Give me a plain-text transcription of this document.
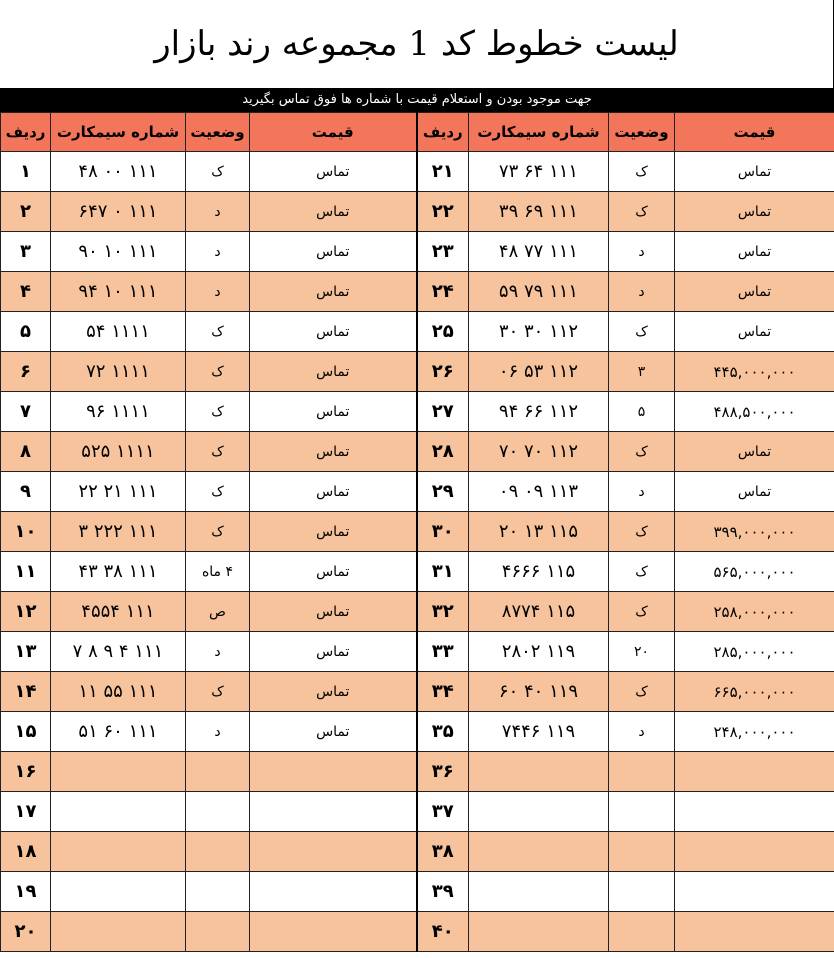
لیست خطوط کد 1 مجموعه رند بازار
جهت موجود بودن و استعلام قیمت با شماره ها فوق تماس بگیرید
ردیف	شماره سیمکارت	وضعیت	قیمت	ردیف	شماره سیمکارت	وضعیت	قیمت
۱	۱۱۱ ۰۰ ۴۸	ک	تماس	۲۱	۱۱۱ ۶۴ ۷۳	ک	تماس
۲	۱۱۱ ۰ ۶۴۷	د	تماس	۲۲	۱۱۱ ۶۹ ۳۹	ک	تماس
۳	۱۱۱ ۱۰ ۹۰	د	تماس	۲۳	۱۱۱ ۷۷ ۴۸	د	تماس
۴	۱۱۱ ۱۰ ۹۴	د	تماس	۲۴	۱۱۱ ۷۹ ۵۹	د	تماس
۵	۱۱۱۱ ۵۴	ک	تماس	۲۵	۱۱۲ ۳۰ ۳۰	ک	تماس
۶	۱۱۱۱ ۷۲	ک	تماس	۲۶	۱۱۲ ۵۳ ۰۶	۳	۴۴۵,۰۰۰,۰۰۰
۷	۱۱۱۱ ۹۶	ک	تماس	۲۷	۱۱۲ ۶۶ ۹۴	۵	۴۸۸,۵۰۰,۰۰۰
۸	۱۱۱۱ ۵۲۵	ک	تماس	۲۸	۱۱۲ ۷۰ ۷۰	ک	تماس
۹	۱۱۱ ۲۱ ۲۲	ک	تماس	۲۹	۱۱۳ ۰۹ ۰۹	د	تماس
۱۰	۱۱۱ ۲۲۲ ۳	ک	تماس	۳۰	۱۱۵ ۱۳ ۲۰	ک	۳۹۹,۰۰۰,۰۰۰
۱۱	۱۱۱ ۳۸ ۴۳	۴ ماه	تماس	۳۱	۱۱۵ ۴۶۶۶	ک	۵۶۵,۰۰۰,۰۰۰
۱۲	۱۱۱ ۴۵۵۴	ص	تماس	۳۲	۱۱۵ ۸۷۷۴	ک	۲۵۸,۰۰۰,۰۰۰
۱۳	۱۱۱ ۴ ۹ ۸ ۷	د	تماس	۳۳	۱۱۹ ۲۸۰۲	۲۰	۲۸۵,۰۰۰,۰۰۰
۱۴	۱۱۱ ۵۵ ۱۱	ک	تماس	۳۴	۱۱۹ ۴۰ ۶۰	ک	۶۶۵,۰۰۰,۰۰۰
۱۵	۱۱۱ ۶۰ ۵۱	د	تماس	۳۵	۱۱۹ ۷۴۴۶	د	۲۴۸,۰۰۰,۰۰۰
۱۶				۳۶			
۱۷				۳۷			
۱۸				۳۸			
۱۹				۳۹			
۲۰				۴۰			
